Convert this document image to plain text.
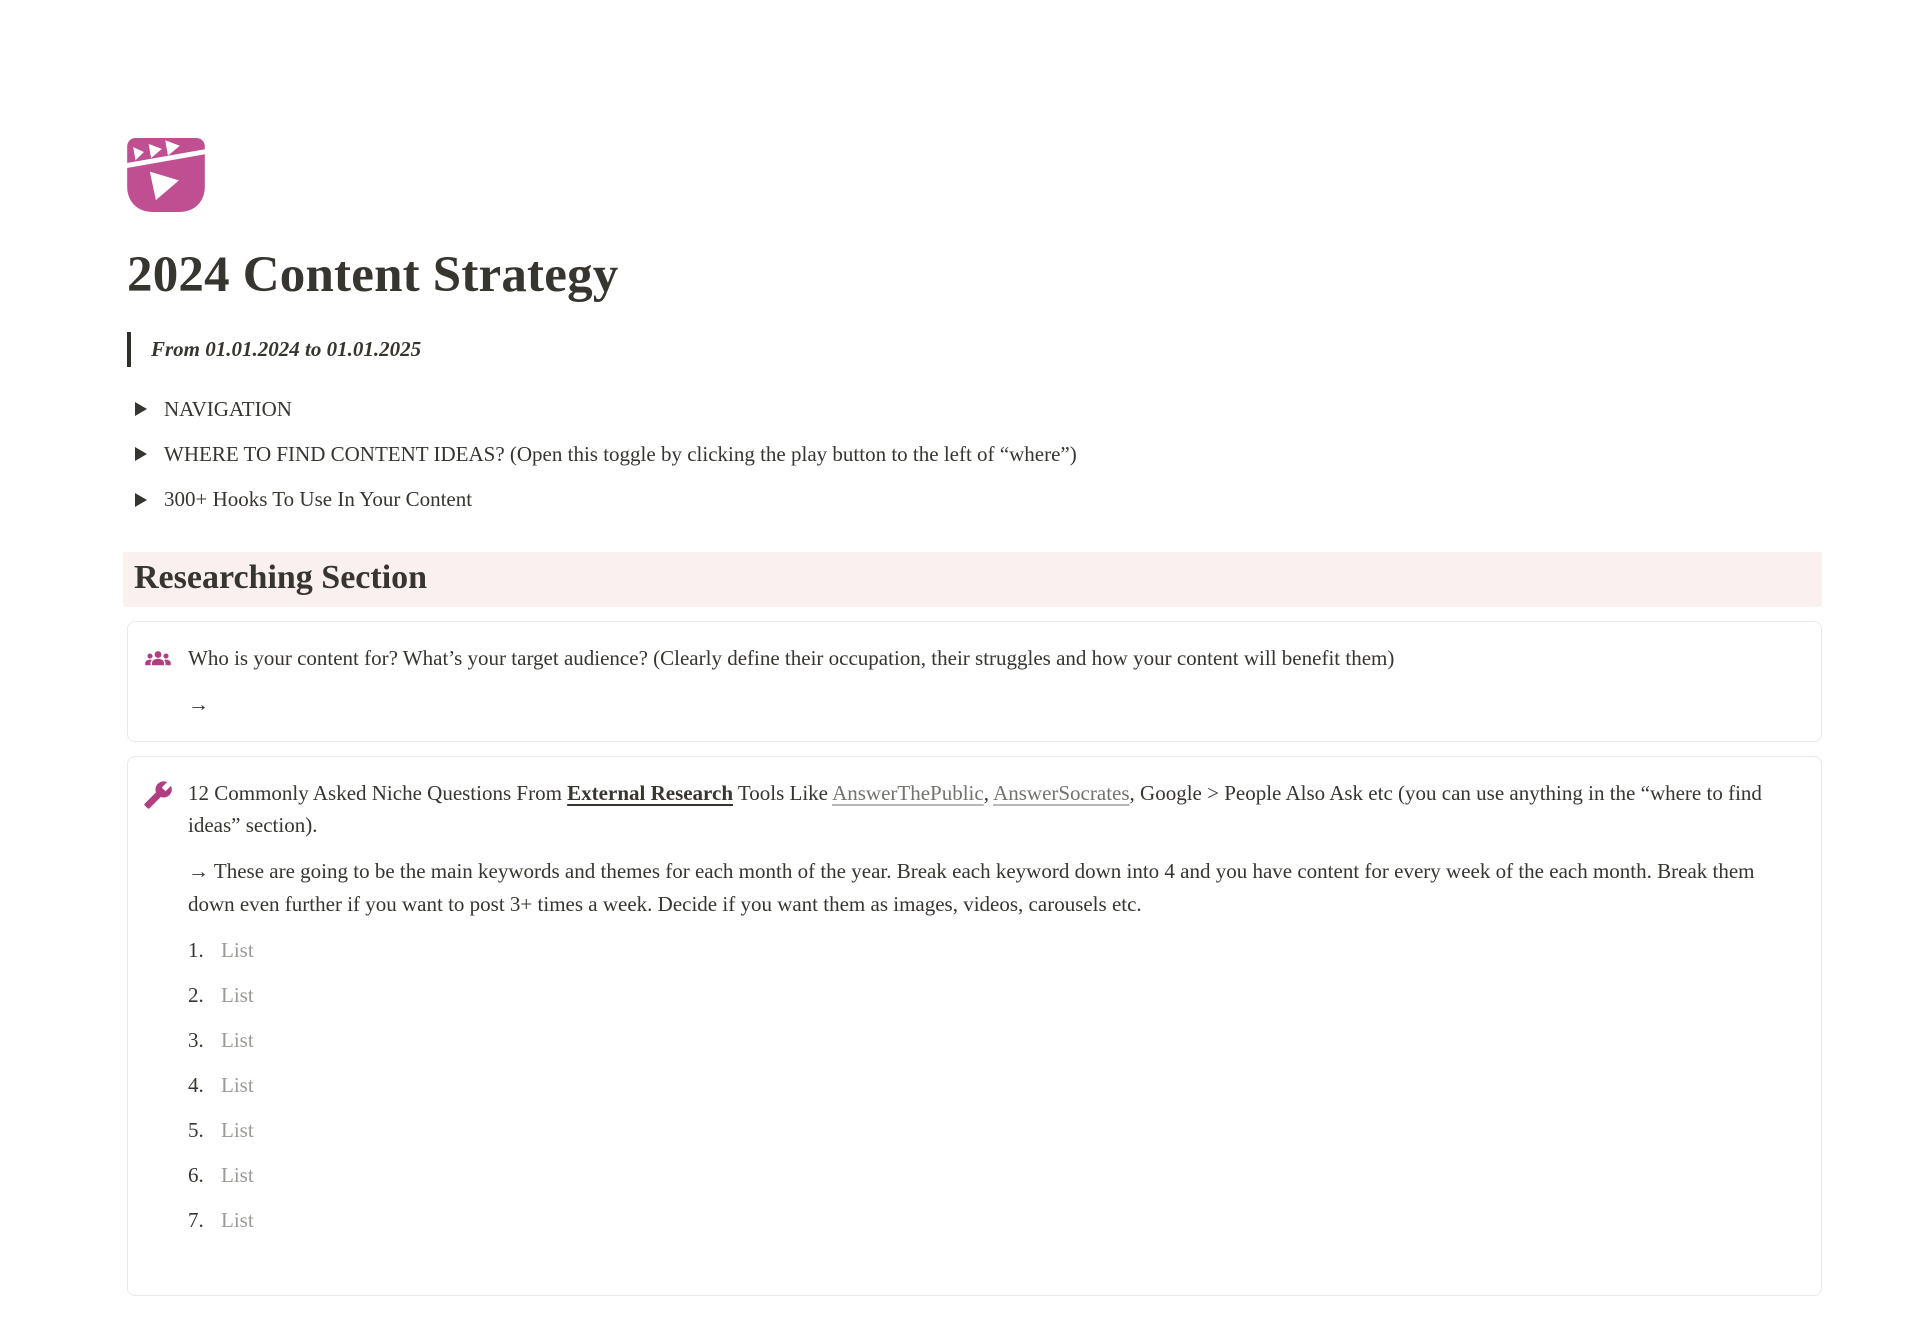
2024 Content Strategy
From 01.01.2024 to 01.01.2025
NAVIGATION
WHERE TO FIND CONTENT IDEAS? (Open this toggle by clicking the play button to the left of “where”)
300+ Hooks To Use In Your Content
Researching Section
Who is your content for? What’s your target audience? (Clearly define their occupation, their struggles and how your content will benefit them)
→
12 Commonly Asked Niche Questions From External Research Tools Like AnswerThePublic, AnswerSocrates, Google > People Also Ask etc (you can use anything in the “where to find ideas” section).
→ These are going to be the main keywords and themes for each month of the year. Break each keyword down into 4 and you have content for every week of the each month. Break them down even further if you want to post 3+ times a week. Decide if you want them as images, videos, carousels etc.
1. List
2. List
3. List
4. List
5. List
6. List
7. List
